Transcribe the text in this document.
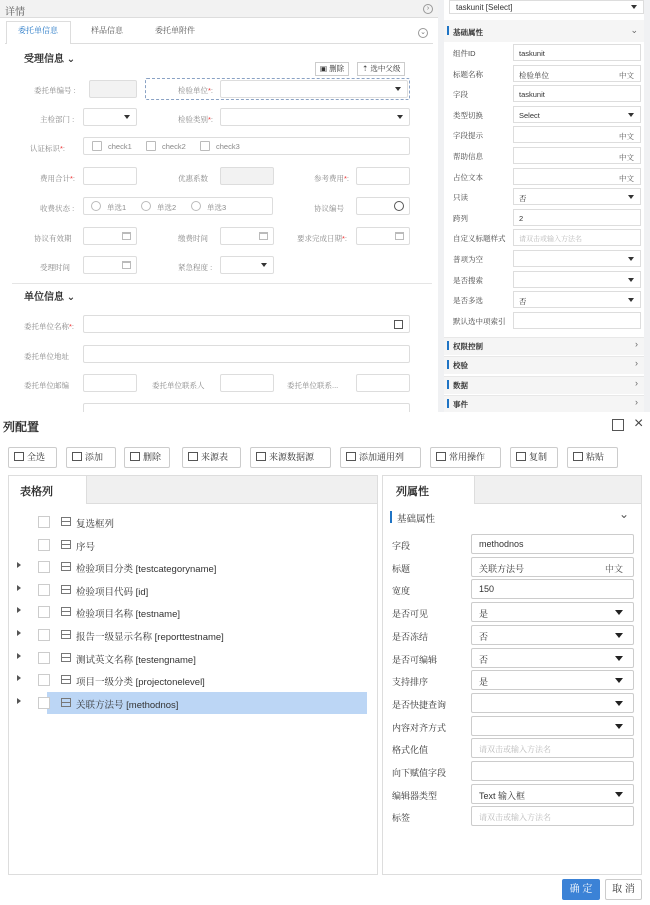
详情	›
委托单信息	样品信息	委托单附件	⌄
受理信息 ⌄
▣ 删除	⇡ 选中父级
委托单编号 :	检验单位*:
主检部门 :	检验类别*:
认证标识*:	check1	check2	check3
费用合计*:	优惠系数	参考费用*:
收费状态 :	单选1	单选2	单选3	协议编号
协议有效期	缴费时间	要求完成日期*:
受理时间	紧急程度 :
单位信息 ⌄
委托单位名称*:
委托单位地址
委托单位邮编	委托单位联系人	委托单位联系...
taskunit [Select]
基础属性	⌄
组件ID	taskunit
标题名称	检验单位	中文
字段	taskunit
类型切换	Select
字段提示	中文
帮助信息	中文
占位文本	中文
只读	否
跨列	2
自定义标题样式 请双击或输入方法名
普项为空
是否搜索
是否多选	否
默认选中项索引
权限控制	›
校验	›
数据	›
事件	›
列配置	×
全选	添加	删除	来源表	来源数据源	添加通用列	常用操作	复制	粘贴
表格列
复选框列
序号
检验项目分类 [testcategoryname]
检验项目代码 [id]
检验项目名称 [testname]
报告一级显示名称 [reporttestname]
测试英文名称 [testengname]
项目一级分类 [projectonelevel]
关联方法号 [methodnos]
列属性
基础属性	⌄
字段	methodnos
标题	关联方法号	中文
宽度	150
是否可见	是
是否冻结	否
是否可编辑	否
支持排序	是
是否快捷查询
内容对齐方式
格式化值	请双击或输入方法名
向下赋值字段
编辑器类型	Text 输入框
标签	请双击或输入方法名
确 定	取 消
